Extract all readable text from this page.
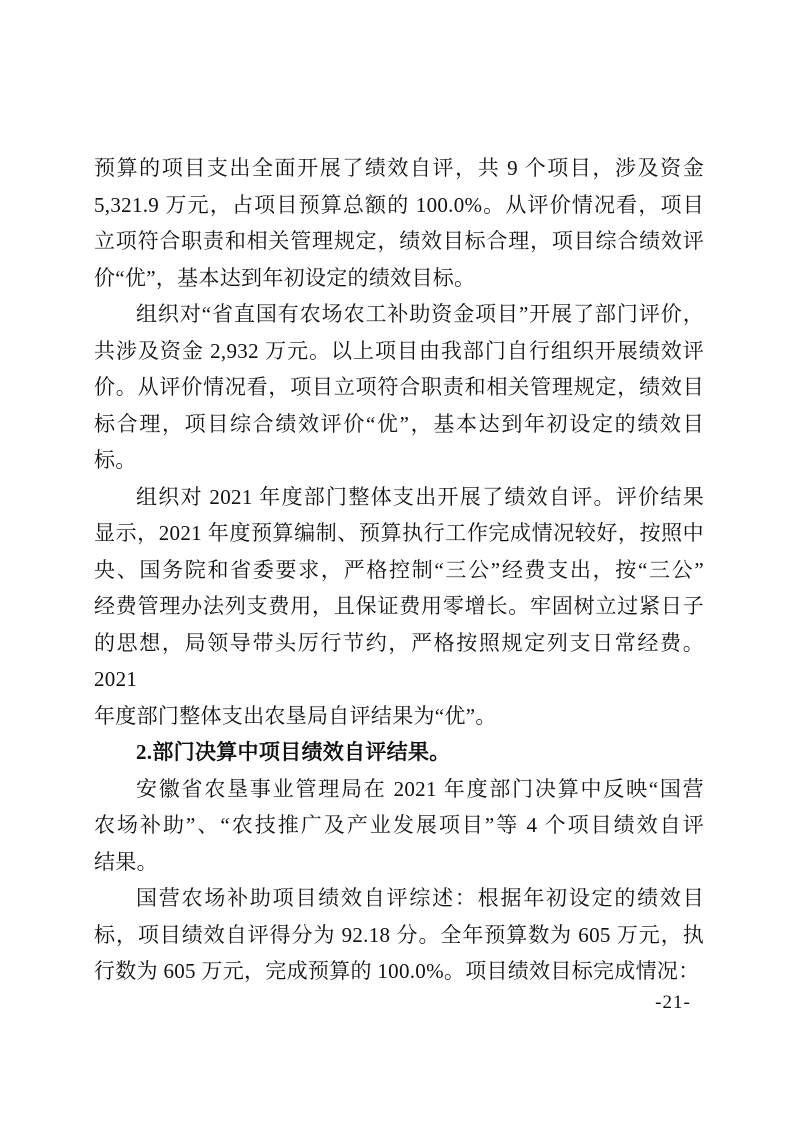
预算的项目支出全面开展了绩效自评，共 9 个项目，涉及资金
5,321.9 万元，占项目预算总额的 100.0%。从评价情况看，项目
立项符合职责和相关管理规定，绩效目标合理，项目综合绩效评
价“优”，基本达到年初设定的绩效目标。
组织对“省直国有农场农工补助资金项目”开展了部门评价，
共涉及资金 2,932 万元。以上项目由我部门自行组织开展绩效评
价。从评价情况看，项目立项符合职责和相关管理规定，绩效目
标合理，项目综合绩效评价“优”，基本达到年初设定的绩效目
标。
组织对 2021 年度部门整体支出开展了绩效自评。评价结果
显示，2021 年度预算编制、预算执行工作完成情况较好，按照中
央、国务院和省委要求，严格控制“三公”经费支出，按“三公”
经费管理办法列支费用，且保证费用零增长。牢固树立过紧日子
的思想，局领导带头厉行节约，严格按照规定列支日常经费。2021
年度部门整体支出农垦局自评结果为“优”。
2.部门决算中项目绩效自评结果。
安徽省农垦事业管理局在 2021 年度部门决算中反映“国营
农场补助”、“农技推广及产业发展项目”等 4 个项目绩效自评
结果。
国营农场补助项目绩效自评综述：根据年初设定的绩效目
标，项目绩效自评得分为 92.18 分。全年预算数为 605 万元，执
行数为 605 万元，完成预算的 100.0%。项目绩效目标完成情况：
-21-
